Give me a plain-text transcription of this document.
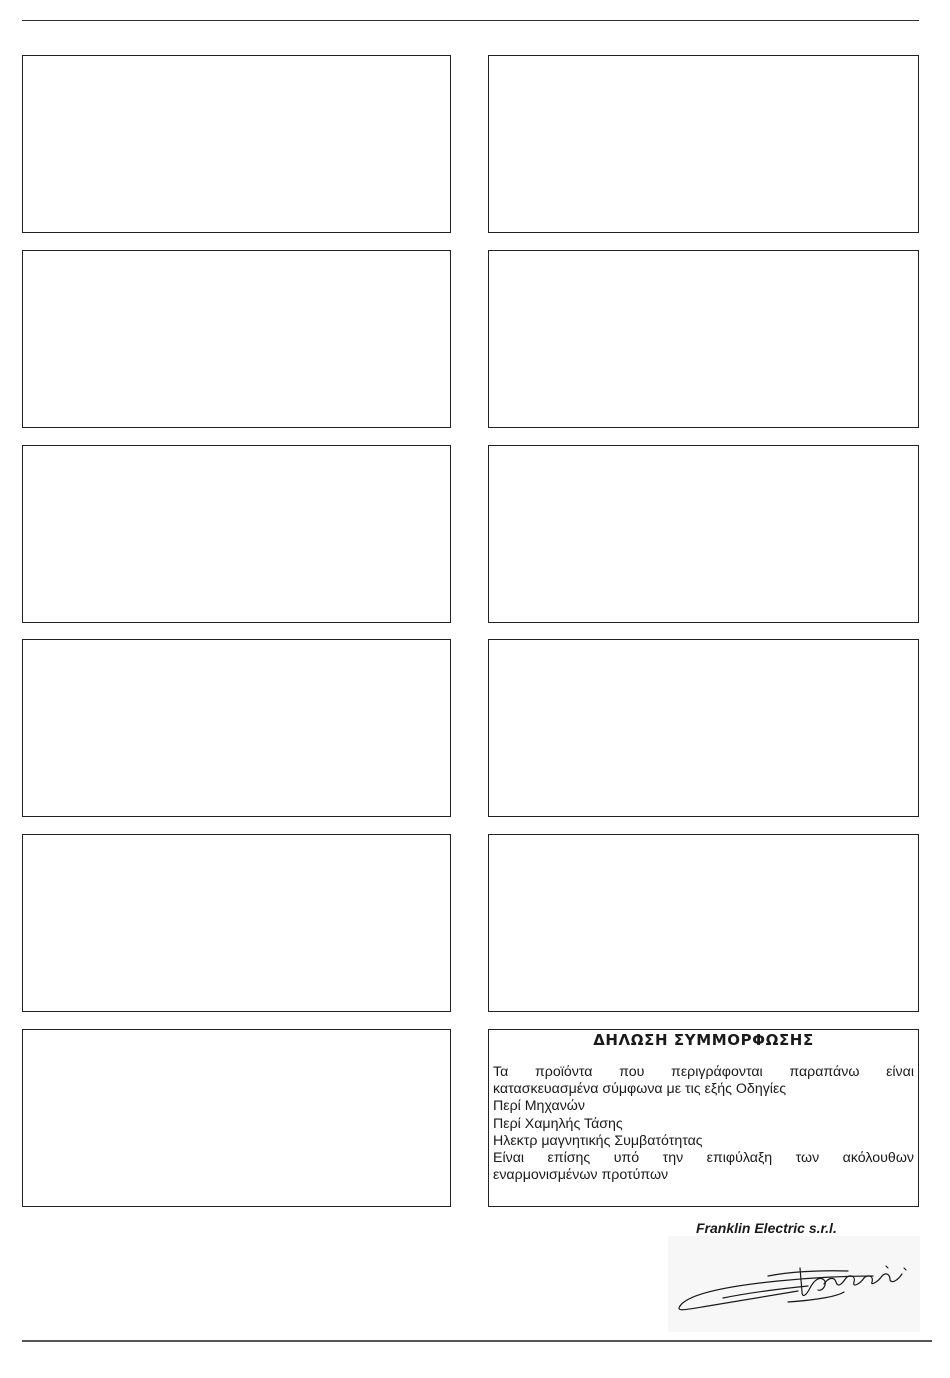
ΔΗΛΩΣΗ ΣΥΜΜΟΡΦΩΣΗΣ
Τα προϊόντα που περιγράφονται παραπάνω είναι
κατασκευασμένα σύμφωνα με τις εξής Οδηγίες
Περί Μηχανών
Περί Χαμηλής Τάσης
Ηλεκτρ μαγνητικής Συμβατότητας
Είναι επίσης υπό την επιφύλαξη των ακόλουθων
εναρμονισμένων προτύπων
Franklin Electric s.r.l.
